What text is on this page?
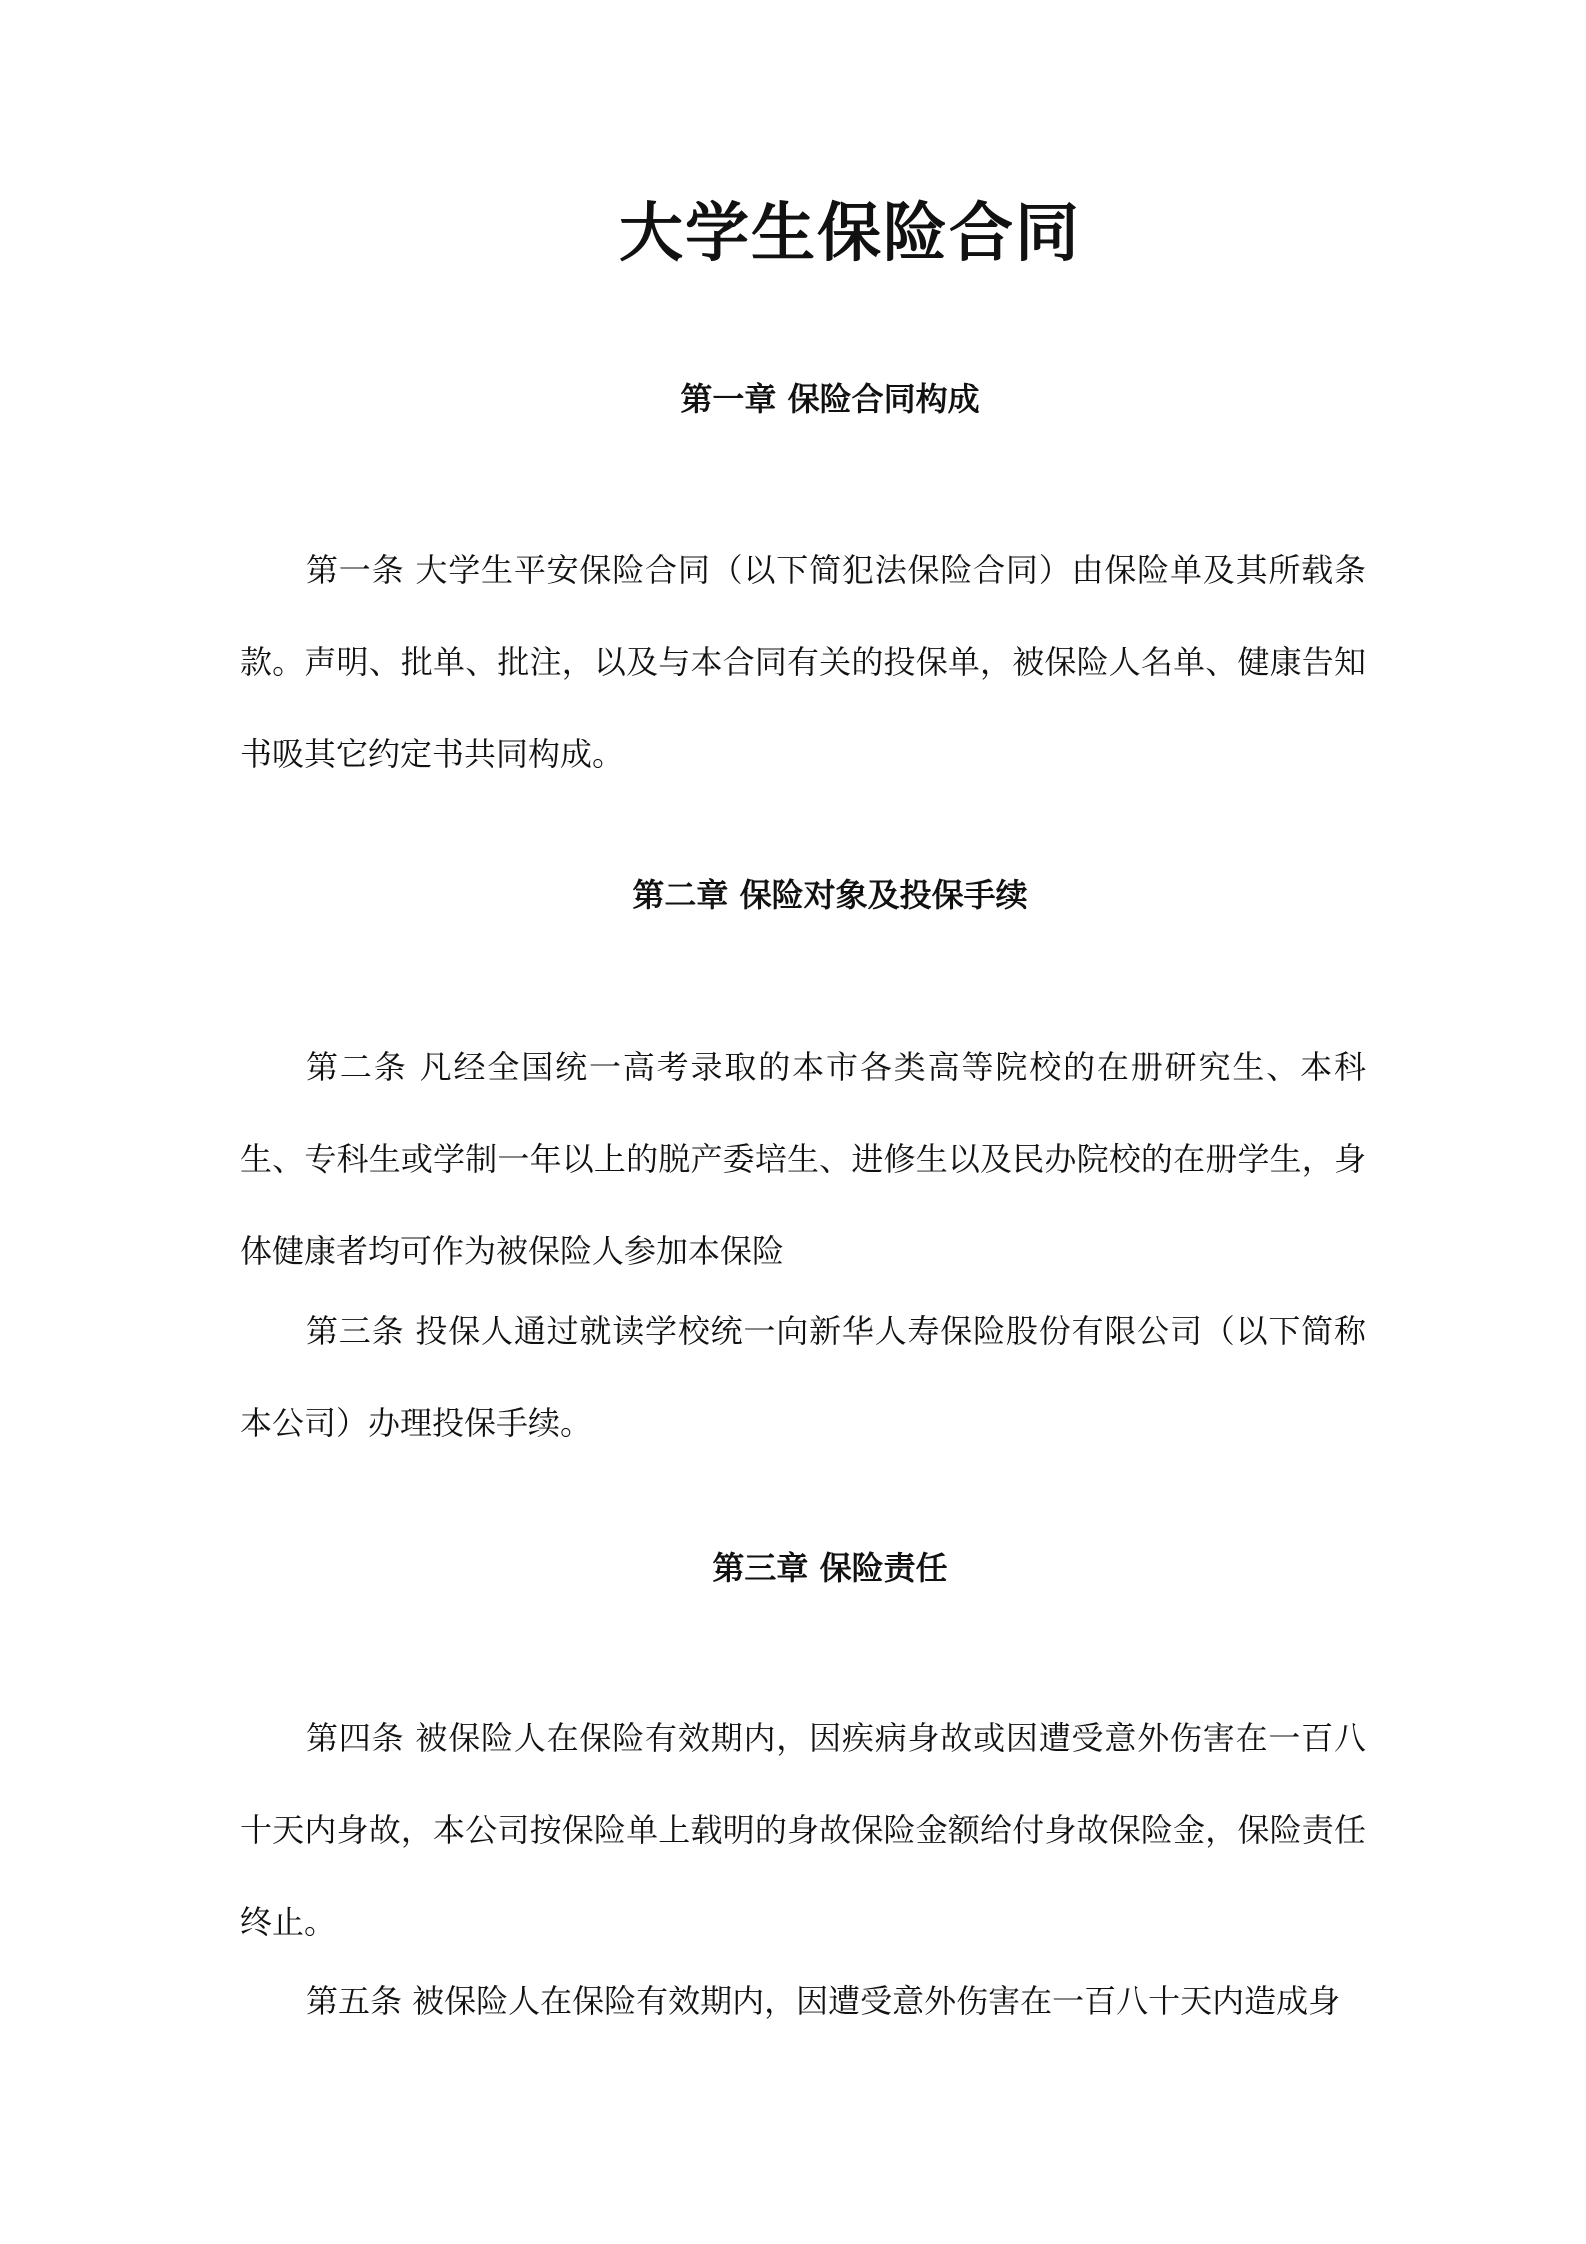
大学生保险合同
第一章 保险合同构成

第一条 大学生平安保险合同（以下简犯法保险合同）由保险单及其所载条款。声明、批单、批注，以及与本合同有关的投保单，被保险人名单、健康告知书吸其它约定书共同构成。

第二章 保险对象及投保手续

第二条 凡经全国统一高考录取的本市各类高等院校的在册研究生、本科生、专科生或学制一年以上的脱产委培生、进修生以及民办院校的在册学生，身体健康者均可作为被保险人参加本保险

第三条 投保人通过就读学校统一向新华人寿保险股份有限公司（以下简称本公司）办理投保手续。

第三章 保险责任

第四条 被保险人在保险有效期内，因疾病身故或因遭受意外伤害在一百八十天内身故，本公司按保险单上载明的身故保险金额给付身故保险金，保险责任终止。

第五条 被保险人在保险有效期内，因遭受意外伤害在一百八十天内造成身
